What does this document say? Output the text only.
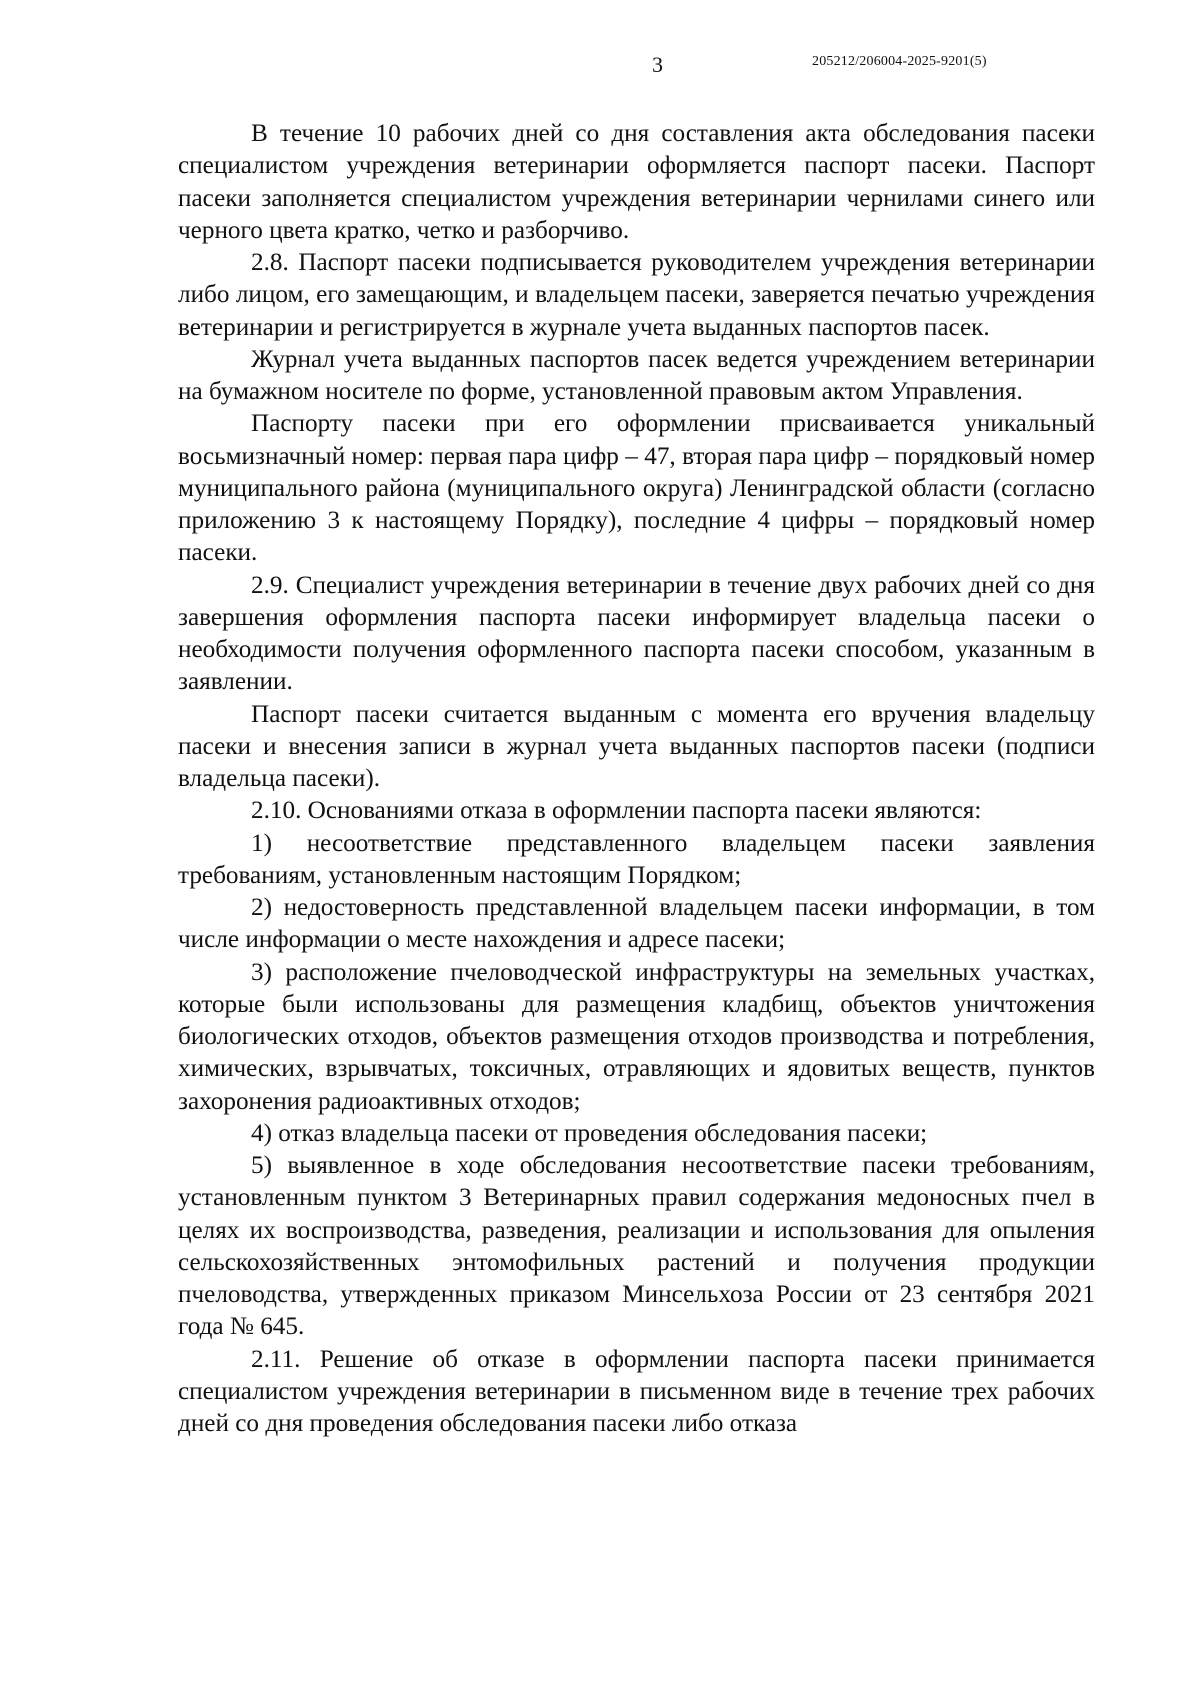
3	205212/206004-2025-9201(5)

В течение 10 рабочих дней со дня составления акта обследования пасеки специалистом учреждения ветеринарии оформляется паспорт пасеки. Паспорт пасеки заполняется специалистом учреждения ветеринарии чернилами синего или черного цвета кратко, четко и разборчиво.

2.8. Паспорт пасеки подписывается руководителем учреждения ветеринарии либо лицом, его замещающим, и владельцем пасеки, заверяется печатью учреждения ветеринарии и регистрируется в журнале учета выданных паспортов пасек.

Журнал учета выданных паспортов пасек ведется учреждением ветеринарии на бумажном носителе по форме, установленной правовым актом Управления.

Паспорту пасеки при его оформлении присваивается уникальный восьмизначный номер: первая пара цифр – 47, вторая пара цифр – порядковый номер муниципального района (муниципального округа) Ленинградской области (согласно приложению 3 к настоящему Порядку), последние 4 цифры – порядковый номер пасеки.

2.9. Специалист учреждения ветеринарии в течение двух рабочих дней со дня завершения оформления паспорта пасеки информирует владельца пасеки о необходимости получения оформленного паспорта пасеки способом, указанным в заявлении.

Паспорт пасеки считается выданным с момента его вручения владельцу пасеки и внесения записи в журнал учета выданных паспортов пасеки (подписи владельца пасеки).

2.10. Основаниями отказа в оформлении паспорта пасеки являются:

1) несоответствие представленного владельцем пасеки заявления требованиям, установленным настоящим Порядком;

2) недостоверность представленной владельцем пасеки информации, в том числе информации о месте нахождения и адресе пасеки;

3) расположение пчеловодческой инфраструктуры на земельных участках, которые были использованы для размещения кладбищ, объектов уничтожения биологических отходов, объектов размещения отходов производства и потребления, химических, взрывчатых, токсичных, отравляющих и ядовитых веществ, пунктов захоронения радиоактивных отходов;

4) отказ владельца пасеки от проведения обследования пасеки;

5) выявленное в ходе обследования несоответствие пасеки требованиям, установленным пунктом 3 Ветеринарных правил содержания медоносных пчел в целях их воспроизводства, разведения, реализации и использования для опыления сельскохозяйственных энтомофильных растений и получения продукции пчеловодства, утвержденных приказом Минсельхоза России от 23 сентября 2021 года № 645.

2.11. Решение об отказе в оформлении паспорта пасеки принимается специалистом учреждения ветеринарии в письменном виде в течение трех рабочих дней со дня проведения обследования пасеки либо отказа
